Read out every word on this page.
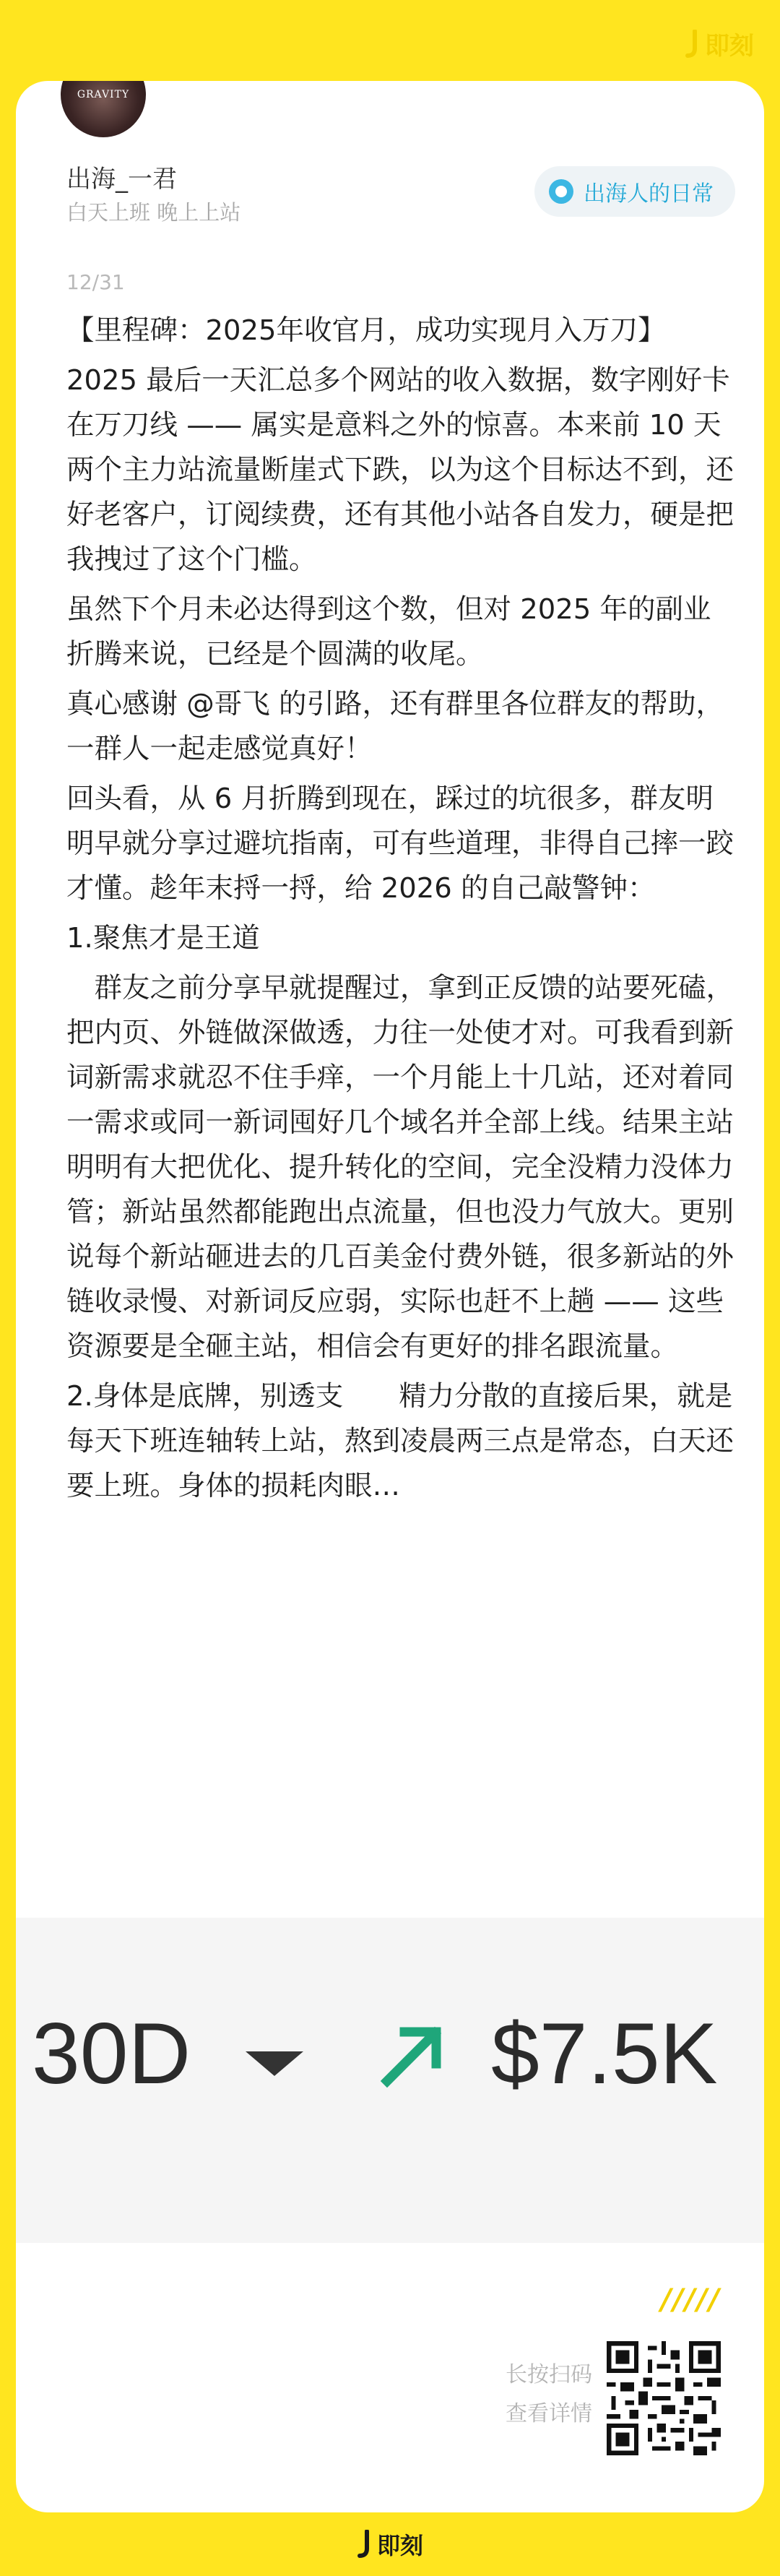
即刻
GRAVITY
出海_一君
白天上班 晚上上站
出海人的日常
12/31

【里程碑：2025年收官月，成功实现月入万刀】

2025 最后一天汇总多个网站的收入数据，数字刚好卡在万刀线 —— 属实是意料之外的惊喜。本来前 10 天两个主力站流量断崖式下跌，以为这个目标达不到，还好老客户，订阅续费，还有其他小站各自发力，硬是把我拽过了这个门槛。

虽然下个月未必达得到这个数，但对 2025 年的副业折腾来说，已经是个圆满的收尾。

真心感谢 @哥飞 的引路，还有群里各位群友的帮助，一群人一起走感觉真好！

回头看，从 6 月折腾到现在，踩过的坑很多，群友明明早就分享过避坑指南，可有些道理，非得自己摔一跤才懂。趁年末捋一捋，给 2026 的自己敲警钟：

1.聚焦才是王道

　群友之前分享早就提醒过，拿到正反馈的站要死磕，把内页、外链做深做透，力往一处使才对。可我看到新词新需求就忍不住手痒，一个月能上十几站，还对着同一需求或同一新词囤好几个域名并全部上线。结果主站明明有大把优化、提升转化的空间，完全没精力没体力管；新站虽然都能跑出点流量，但也没力气放大。更别说每个新站砸进去的几百美金付费外链，很多新站的外链收录慢、对新词反应弱，实际也赶不上趟 —— 这些资源要是全砸主站，相信会有更好的排名跟流量。

2.身体是底牌，别透支　　精力分散的直接后果，就是每天下班连轴转上站，熬到凌晨两三点是常态，白天还要上班。身体的损耗肉眼…

30D	$7.5K
/////
长按扫码
查看详情
即刻
